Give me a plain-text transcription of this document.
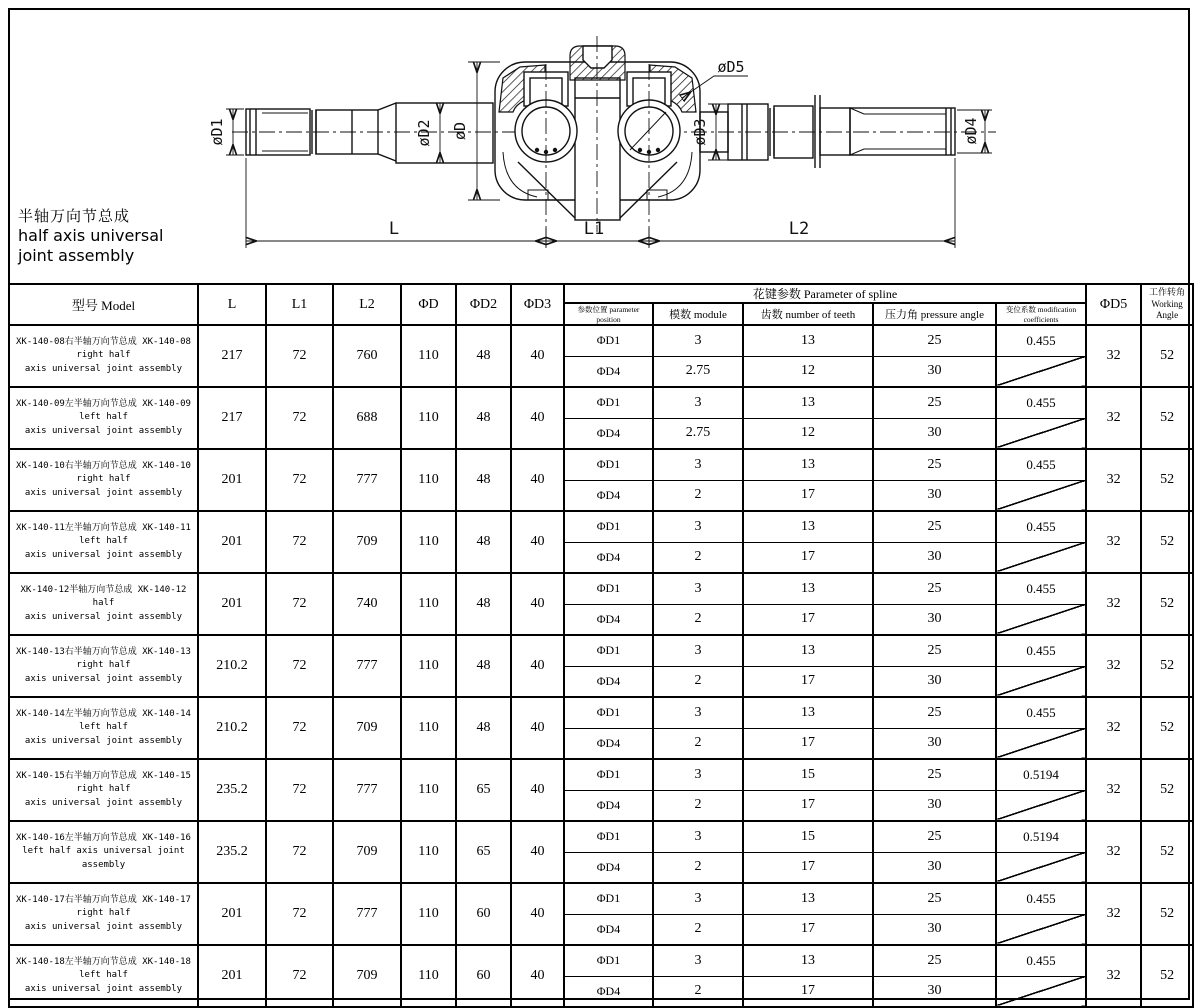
øD1	øD2 øD	øD3	øD4
øD5
L	L1	L2
半轴万向节总成
half axis universal
joint assembly
型号 Model	L	L1	L2	ΦD	ΦD2	ΦD3	花键参数 Parameter of spline					ΦD5	工作转角
Working Angle

							参数位置 parameter position	模数 module	齿数 number of teeth	压力角 pressure angle	变位系数 modification coefficients		

XK-140-08右半轴万向节总成 XK-140-08 right half
axis universal joint assembly	217	72	760	110	48	40	ΦD1	3	13	25	0.455	32	52
							ΦD4	2.75	12	30			

XK-140-09左半轴万向节总成 XK-140-09 left half
axis universal joint assembly	217	72	688	110	48	40	ΦD1	3	13	25	0.455	32	52
							ΦD4	2.75	12	30			

XK-140-10右半轴万向节总成 XK-140-10 right half
axis universal joint assembly	201	72	777	110	48	40	ΦD1	3	13	25	0.455	32	52
							ΦD4	2	17	30			

XK-140-11左半轴万向节总成 XK-140-11 left half
axis universal joint assembly	201	72	709	110	48	40	ΦD1	3	13	25	0.455	32	52
							ΦD4	2	17	30			

XK-140-12半轴万向节总成 XK-140-12 half
axis universal joint assembly	201	72	740	110	48	40	ΦD1	3	13	25	0.455	32	52
							ΦD4	2	17	30			

XK-140-13右半轴万向节总成 XK-140-13 right half
axis universal joint assembly	210.2	72	777	110	48	40	ΦD1	3	13	25	0.455	32	52
							ΦD4	2	17	30			

XK-140-14左半轴万向节总成 XK-140-14 left half
axis universal joint assembly	210.2	72	709	110	48	40	ΦD1	3	13	25	0.455	32	52
							ΦD4	2	17	30			

XK-140-15右半轴万向节总成 XK-140-15 right half
axis universal joint assembly	235.2	72	777	110	65	40	ΦD1	3	15	25	0.5194	32	52
							ΦD4	2	17	30			

XK-140-16左半轴万向节总成 XK-140-16
left half axis universal joint assembly	235.2	72	709	110	65	40	ΦD1	3	15	25	0.5194	32	52
							ΦD4	2	17	30			

XK-140-17右半轴万向节总成 XK-140-17 right half
axis universal joint assembly	201	72	777	110	60	40	ΦD1	3	13	25	0.455	32	52
							ΦD4	2	17	30			

XK-140-18左半轴万向节总成 XK-140-18 left half
axis universal joint assembly	201	72	709	110	60	40	ΦD1	3	13	25	0.455	32	52
							ΦD4	2	17	30			
